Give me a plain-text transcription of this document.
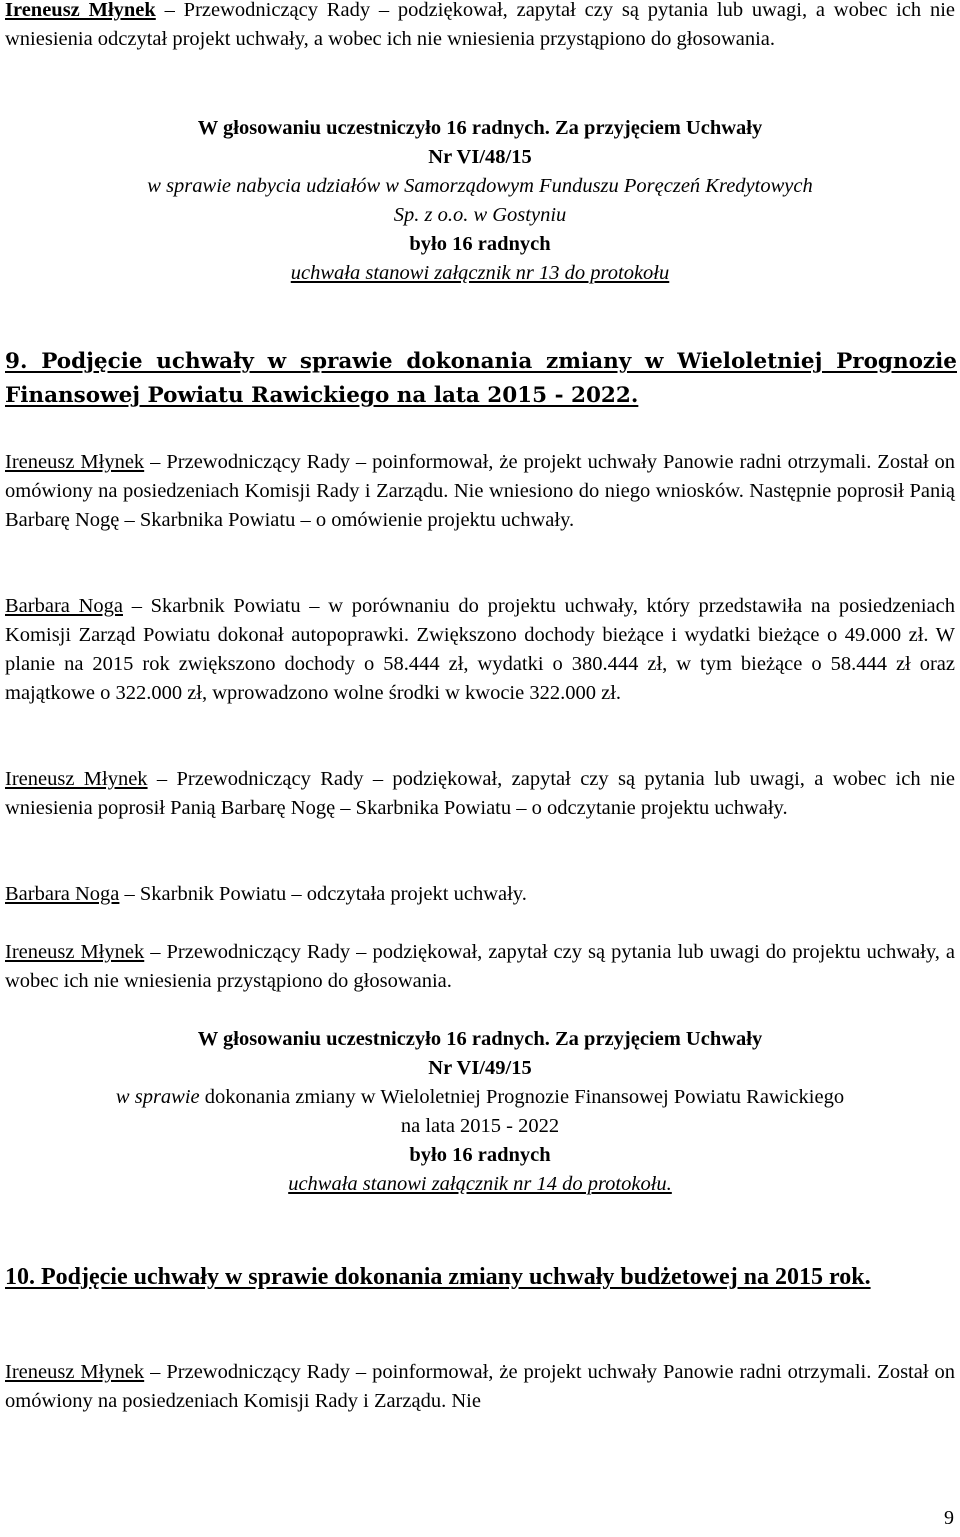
Ireneusz Młynek – Przewodniczący Rady – podziękował, zapytał czy są pytania lub uwagi, a wobec ich nie wniesienia odczytał projekt uchwały, a wobec ich nie wniesienia przystąpiono do głosowania.

W głosowaniu uczestniczyło 16 radnych. Za przyjęciem Uchwały

Nr VI/48/15

w sprawie nabycia udziałów w Samorządowym Funduszu Poręczeń Kredytowych

Sp. z o.o. w Gostyniu

było 16 radnych

uchwała stanowi załącznik nr 13 do protokołu

9. Podjęcie uchwały w sprawie dokonania zmiany w Wieloletniej Prognozie Finansowej Powiatu Rawickiego na lata 2015 - 2022.

Ireneusz Młynek – Przewodniczący Rady – poinformował, że projekt uchwały Panowie radni otrzymali. Został on omówiony na posiedzeniach Komisji Rady i Zarządu. Nie wniesiono do niego wniosków. Następnie poprosił Panią Barbarę Nogę – Skarbnika Powiatu – o omówienie projektu uchwały.

Barbara Noga – Skarbnik Powiatu – w porównaniu do projektu uchwały, który przedstawiła na posiedzeniach Komisji Zarząd Powiatu dokonał autopoprawki. Zwiększono dochody bieżące i wydatki bieżące o 49.000 zł. W planie na 2015 rok zwiększono dochody o 58.444 zł, wydatki o 380.444 zł, w tym bieżące o 58.444 zł oraz majątkowe o 322.000 zł, wprowadzono wolne środki w kwocie 322.000 zł.

Ireneusz Młynek – Przewodniczący Rady – podziękował, zapytał czy są pytania lub uwagi, a wobec ich nie wniesienia poprosił Panią Barbarę Nogę – Skarbnika Powiatu – o odczytanie projektu uchwały.

Barbara Noga – Skarbnik Powiatu – odczytała projekt uchwały.

Ireneusz Młynek – Przewodniczący Rady – podziękował, zapytał czy są pytania lub uwagi do projektu uchwały, a wobec ich nie wniesienia przystąpiono do głosowania.

W głosowaniu uczestniczyło 16 radnych. Za przyjęciem Uchwały

Nr VI/49/15

w sprawie dokonania zmiany w Wieloletniej Prognozie Finansowej Powiatu Rawickiego

na lata 2015 - 2022

było 16 radnych

uchwała stanowi załącznik nr 14 do protokołu.

10. Podjęcie uchwały w sprawie dokonania zmiany uchwały budżetowej na 2015 rok.

Ireneusz Młynek – Przewodniczący Rady – poinformował, że projekt uchwały Panowie radni otrzymali. Został on omówiony na posiedzeniach Komisji Rady i Zarządu. Nie

9
